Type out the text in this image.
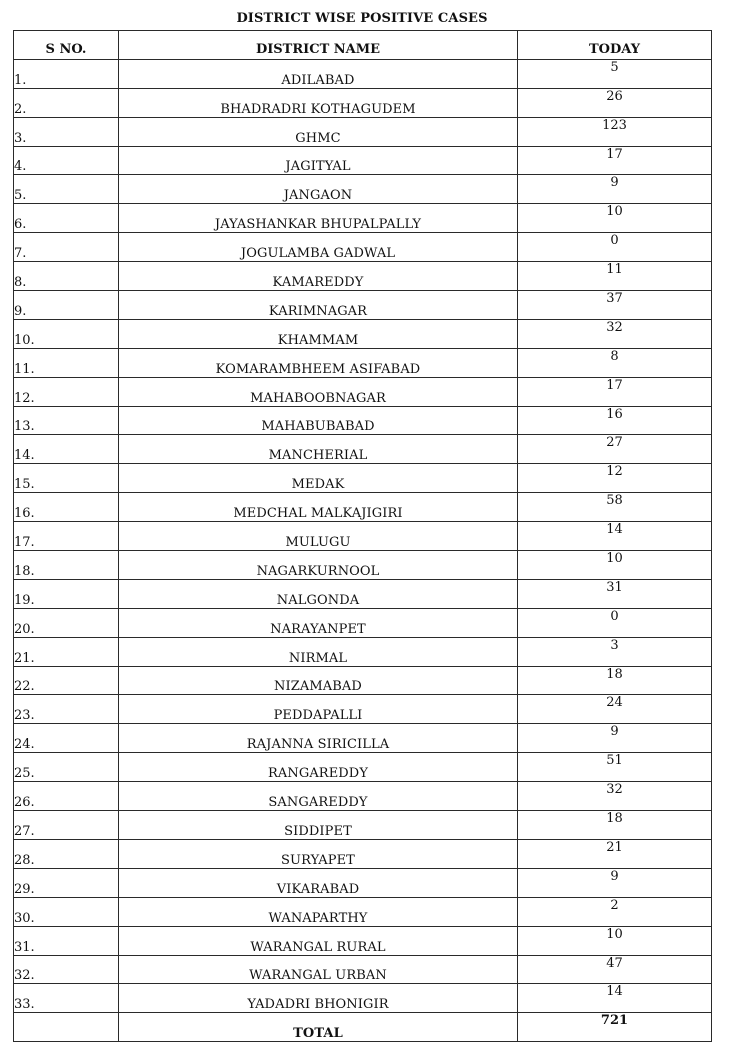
DISTRICT WISE POSITIVE CASES
S NO.	DISTRICT NAME	TODAY
1.	ADILABAD	5
2.	BHADRADRI KOTHAGUDEM	26
3.	GHMC	123
4.	JAGITYAL	17
5.	JANGAON	9
6.	JAYASHANKAR BHUPALPALLY	10
7.	JOGULAMBA GADWAL	0
8.	KAMAREDDY	11
9.	KARIMNAGAR	37
10.	KHAMMAM	32
11.	KOMARAMBHEEM ASIFABAD	8
12.	MAHABOOBNAGAR	17
13.	MAHABUBABAD	16
14.	MANCHERIAL	27
15.	MEDAK	12
16.	MEDCHAL MALKAJIGIRI	58
17.	MULUGU	14
18.	NAGARKURNOOL	10
19.	NALGONDA	31
20.	NARAYANPET	0
21.	NIRMAL	3
22.	NIZAMABAD	18
23.	PEDDAPALLI	24
24.	RAJANNA SIRICILLA	9
25.	RANGAREDDY	51
26.	SANGAREDDY	32
27.	SIDDIPET	18
28.	SURYAPET	21
29.	VIKARABAD	9
30.	WANAPARTHY	2
31.	WARANGAL RURAL	10
32.	WARANGAL URBAN	47
33.	YADADRI BHONIGIR	14
	TOTAL	721
